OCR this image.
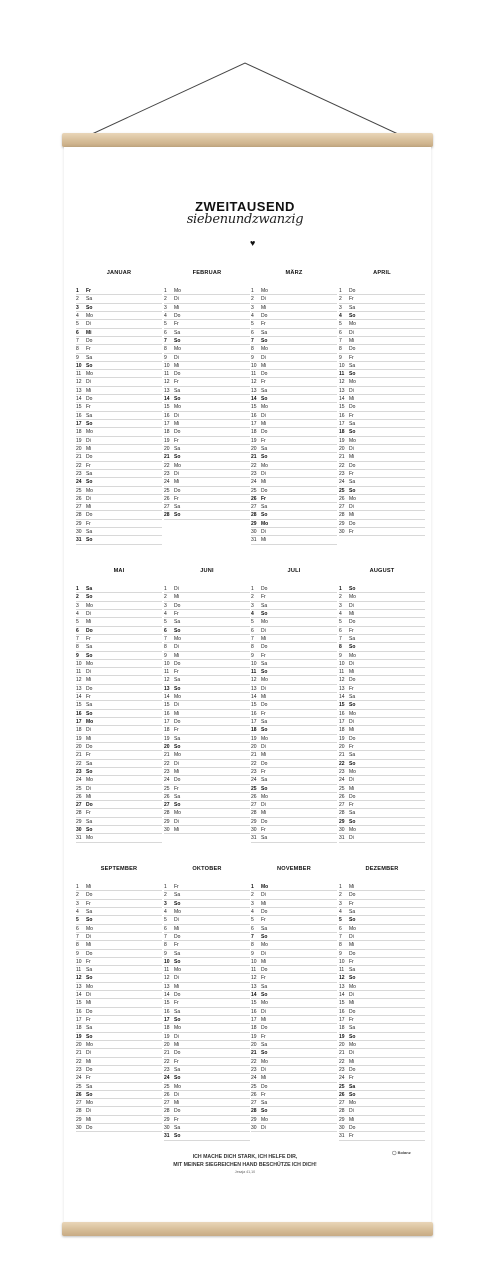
ZWEITAUSEND
siebenundzwanzig
♥
JANUAR
1	Fr
2	Sa
3	So
4	Mo
5	Di
6	Mi
7	Do
8	Fr
9	Sa
10 So
11 Mo
12 Di
13 Mi
14 Do
15 Fr
16 Sa
17 So
18 Mo
19 Di
20 Mi
21 Do
22 Fr
23 Sa
24 So
25 Mo
26 Di
27 Mi
28 Do
29 Fr
30 Sa
31 So
FEBRUAR
1	Mo
2	Di
3	Mi
4	Do
5	Fr
6	Sa
7	So
8	Mo
9	Di
10 Mi
11 Do
12 Fr
13 Sa
14 So
15 Mo
16 Di
17 Mi
18 Do
19 Fr
20 Sa
21 So
22 Mo
23 Di
24 Mi
25 Do
26 Fr
27 Sa
28 So
MÄRZ
1	Mo
2	Di
3	Mi
4	Do
5	Fr
6	Sa
7	So
8	Mo
9	Di
10 Mi
11 Do
12 Fr
13 Sa
14 So
15 Mo
16 Di
17 Mi
18 Do
19 Fr
20 Sa
21 So
22 Mo
23 Di
24 Mi
25 Do
26 Fr
27 Sa
28 So
29 Mo
30 Di
31 Mi
APRIL
1	Do
2	Fr
3	Sa
4	So
5	Mo
6	Di
7	Mi
8	Do
9	Fr
10 Sa
11 So
12 Mo
13 Di
14 Mi
15 Do
16 Fr
17 Sa
18 So
19 Mo
20 Di
21 Mi
22 Do
23 Fr
24 Sa
25 So
26 Mo
27 Di
28 Mi
29 Do
30 Fr
MAI
1	Sa
2	So
3	Mo
4	Di
5	Mi
6	Do
7	Fr
8	Sa
9	So
10 Mo
11 Di
12 Mi
13 Do
14 Fr
15 Sa
16 So
17 Mo
18 Di
19 Mi
20 Do
21 Fr
22 Sa
23 So
24 Mo
25 Di
26 Mi
27 Do
28 Fr
29 Sa
30 So
31 Mo
JUNI
1	Di
2	Mi
3	Do
4	Fr
5	Sa
6	So
7	Mo
8	Di
9	Mi
10 Do
11 Fr
12 Sa
13 So
14 Mo
15 Di
16 Mi
17 Do
18 Fr
19 Sa
20 So
21 Mo
22 Di
23 Mi
24 Do
25 Fr
26 Sa
27 So
28 Mo
29 Di
30 Mi
JULI
1	Do
2	Fr
3	Sa
4	So
5	Mo
6	Di
7	Mi
8	Do
9	Fr
10 Sa
11 So
12 Mo
13 Di
14 Mi
15 Do
16 Fr
17 Sa
18 So
19 Mo
20 Di
21 Mi
22 Do
23 Fr
24 Sa
25 So
26 Mo
27 Di
28 Mi
29 Do
30 Fr
31 Sa
AUGUST
1	So
2	Mo
3	Di
4	Mi
5	Do
6	Fr
7	Sa
8	So
9	Mo
10 Di
11 Mi
12 Do
13 Fr
14 Sa
15 So
16 Mo
17 Di
18 Mi
19 Do
20 Fr
21 Sa
22 So
23 Mo
24 Di
25 Mi
26 Do
27 Fr
28 Sa
29 So
30 Mo
31 Di
SEPTEMBER
1	Mi
2	Do
3	Fr
4	Sa
5	So
6	Mo
7	Di
8	Mi
9	Do
10 Fr
11 Sa
12 So
13 Mo
14 Di
15 Mi
16 Do
17 Fr
18 Sa
19 So
20 Mo
21 Di
22 Mi
23 Do
24 Fr
25 Sa
26 So
27 Mo
28 Di
29 Mi
30 Do
OKTOBER
1	Fr
2	Sa
3	So
4	Mo
5	Di
6	Mi
7	Do
8	Fr
9	Sa
10 So
11 Mo
12 Di
13 Mi
14 Do
15 Fr
16 Sa
17 So
18 Mo
19 Di
20 Mi
21 Do
22 Fr
23 Sa
24 So
25 Mo
26 Di
27 Mi
28 Do
29 Fr
30 Sa
31 So
NOVEMBER
1	Mo
2	Di
3	Mi
4	Do
5	Fr
6	Sa
7	So
8	Mo
9	Di
10 Mi
11 Do
12 Fr
13 Sa
14 So
15 Mo
16 Di
17 Mi
18 Do
19 Fr
20 Sa
21 So
22 Mo
23 Di
24 Mi
25 Do
26 Fr
27 Sa
28 So
29 Mo
30 Di
DEZEMBER
1	Mi
2	Do
3	Fr
4	Sa
5	So
6	Mo
7	Di
8	Mi
9	Do
10 Fr
11 Sa
12 So
13 Mo
14 Di
15 Mi
16 Do
17 Fr
18 Sa
19 So
20 Mo
21 Di
22 Mi
23 Do
24 Fr
25 Sa
26 So
27 Mo
28 Di
29 Mi
30 Do
31 Fr
ICH MACHE DICH STARK, ICH HELFE DIR,
MIT MEINER SIEGREICHEN HAND BESCHÜTZE ICH DICH!
Jesaja 41,10
◯ Bolanz
